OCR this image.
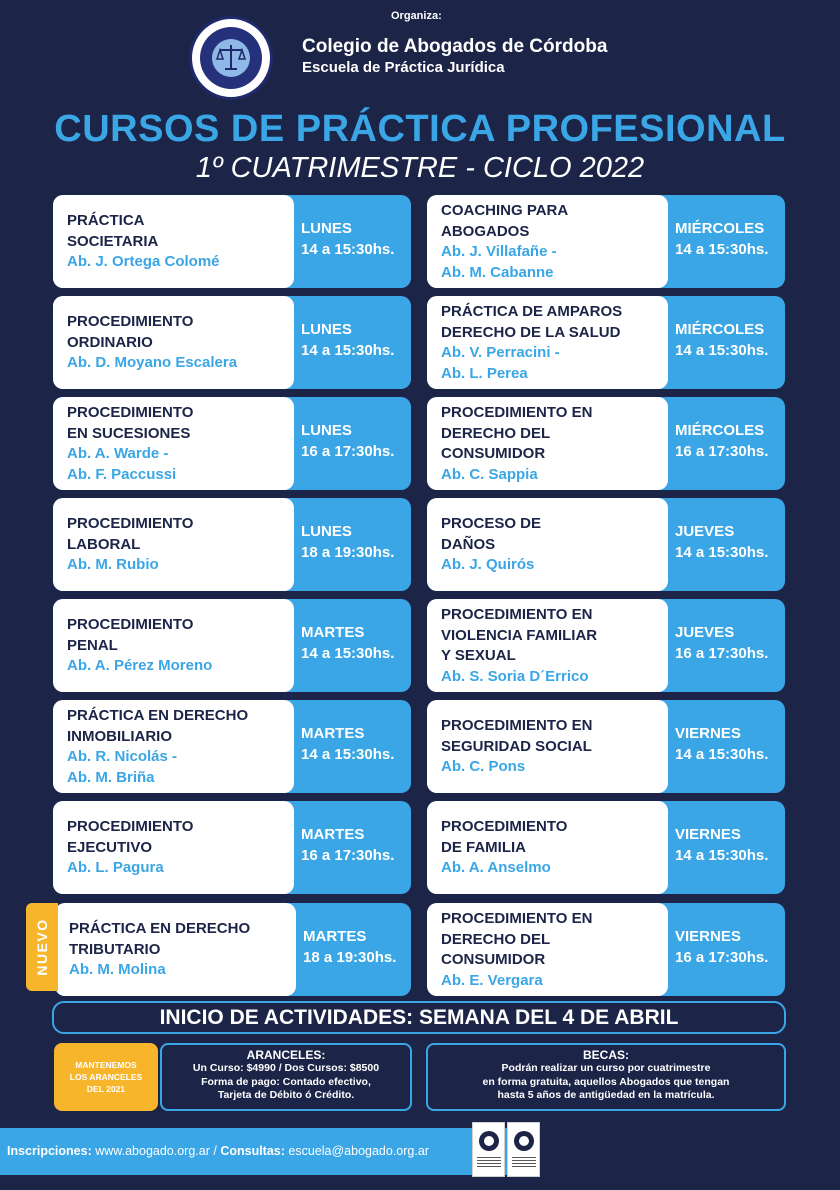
Organiza:
Colegio de Abogados de Córdoba
Escuela de Práctica Jurídica
CURSOS DE PRÁCTICA PROFESIONAL
1º CUATRIMESTRE - CICLO 2022
PRÁCTICA
SOCIETARIA
Ab. J. Ortega Colomé
LUNES
14 a 15:30hs.
PROCEDIMIENTO
ORDINARIO
Ab. D. Moyano Escalera
LUNES
14 a 15:30hs.
PROCEDIMIENTO
EN SUCESIONES
Ab. A. Warde -
Ab. F. Paccussi
LUNES
16 a 17:30hs.
PROCEDIMIENTO
LABORAL
Ab. M. Rubio
LUNES
18 a 19:30hs.
PROCEDIMIENTO
PENAL
Ab. A. Pérez Moreno
MARTES
14 a 15:30hs.
PRÁCTICA EN DERECHO
INMOBILIARIO
Ab. R. Nicolás -
Ab. M. Briña
MARTES
14 a 15:30hs.
PROCEDIMIENTO
EJECUTIVO
Ab. L. Pagura
MARTES
16 a 17:30hs.
PRÁCTICA EN DERECHO
TRIBUTARIO
Ab. M. Molina
MARTES
18 a 19:30hs.
COACHING PARA
ABOGADOS
Ab. J. Villafañe -
Ab. M. Cabanne
MIÉRCOLES
14 a 15:30hs.
PRÁCTICA DE AMPAROS
DERECHO DE LA SALUD
Ab. V. Perracini -
Ab. L. Perea
MIÉRCOLES
14 a 15:30hs.
PROCEDIMIENTO EN
DERECHO DEL
CONSUMIDOR
Ab. C. Sappia
MIÉRCOLES
16 a 17:30hs.
PROCESO DE
DAÑOS
Ab. J. Quirós
JUEVES
14 a 15:30hs.
PROCEDIMIENTO EN
VIOLENCIA FAMILIAR
Y SEXUAL
Ab. S. Soria D´Errico
JUEVES
16 a 17:30hs.
PROCEDIMIENTO EN
SEGURIDAD SOCIAL
Ab. C. Pons
VIERNES
14 a 15:30hs.
PROCEDIMIENTO
DE FAMILIA
Ab. A. Anselmo
VIERNES
14 a 15:30hs.
PROCEDIMIENTO EN
DERECHO DEL
CONSUMIDOR
Ab. E. Vergara
VIERNES
16 a 17:30hs.
NUEVO
INICIO DE ACTIVIDADES: SEMANA DEL 4 DE ABRIL
MANTENEMOS
LOS ARANCELES
DEL 2021
ARANCELES:
Un Curso: $4990 / Dos Cursos: $8500
Forma de pago: Contado efectivo,
Tarjeta de Débito ó Crédito.
BECAS:
Podrán realizar un curso por cuatrimestre
en forma gratuita, aquellos Abogados que tengan
hasta 5 años de antigüedad en la matrícula.
Inscripciones: www.abogado.org.ar / Consultas: escuela@abogado.org.ar
